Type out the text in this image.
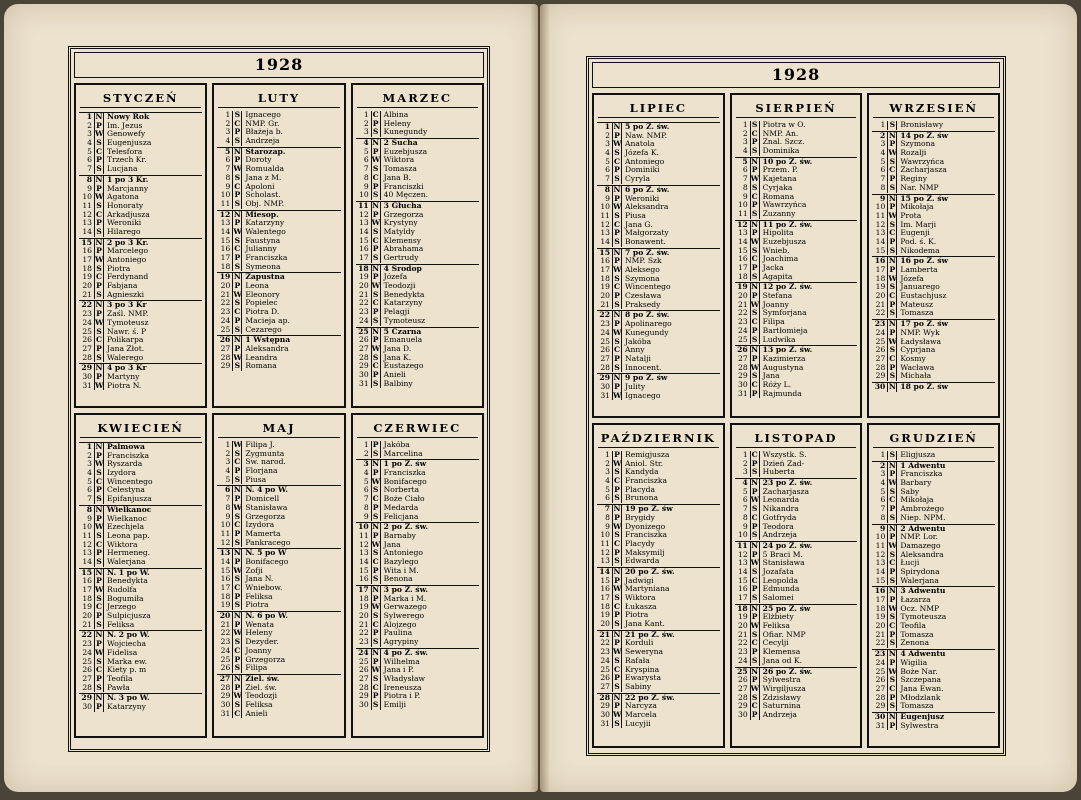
1928
STYCZEŃ
1 N Nowy Rok
2 P Im. Jezus
3 W Genowefy
4 S Eugenjusza
5 C Telesfora
6 P Trzech Kr.
7 S Lucjana
8 N 1 po 3 Kr.
9 P Marcjanny
10 W Agatona
11 S Honoraty
12 C Arkadjusza
13 P Weroniki
14 S Hilarego
15 N 2 po 3 Kr.
16 P Marcelego
17 W Antoniego
18 S Piotra
19 C Ferdynand
20 P Fabjana
21 S Agnieszki
22 N 3 po 3 Kr
23 P Zaśl. NMP.
24 W Tymoteusz
25 S Nawr. ś. P
26 C Polikarpa
27 P Jana Złot.
28 S Walerego
29 N 4 po 3 Kr
30 P Martyny
31 W Piotra N.
LUTY
1 S Ignacego
2 C NMP. Gr.
3 P Błażeja b.
4 S Andrzeja
5 N Starozap.
6 P Doroty
7 W Romualda
8 S Jana z M.
9 C Apoloni
10 P Scholast.
11 S Obj. NMP.
12 N Miesop.
13 P Katarzyny
14 W Walentego
15 S Faustyna
16 C Julianny
17 P Franciszka
18 S Symeona
19 N Zapustna
20 P Leona
21 W Eleonory
22 S Popielec
23 C Piotra D.
24 P Macieja ap.
25 S Cezarego
26 N 1 Wstępna
27 P Aleksandra
28 W Leandra
29 S Romana
MARZEC
1 C Albina
2 P Heleny
3 S Kunegundy
4 N 2 Sucha
5 P Euzebjusza
6 W Wiktora
7 S Tomasza
8 C Jana B.
9 P Franciszki
10 S 40 Męczen.
11 N 3 Głucha
12 P Grzegorza
13 W Krystyny
14 S Matyldy
15 C Klemensy
16 P Abrahama
17 S Gertrudy
18 N 4 Środop
19 P Józefa
20 W Teodozji
21 S Benedykta
22 C Katarzyny
23 P Pelagji
24 S Tymoteusz
25 N 5 Czarna
26 P Emanuela
27 W Jana D.
28 S Jana K.
29 C Eustazego
30 P Anieli
31 S Balbiny
KWIECIEŃ
1 N Palmowa
2 P Franciszka
3 W Ryszarda
4 S Izydora
5 C Wincentego
6 P Celestyna
7 S Epifanjusza
8 N Wielkanoc
9 P Wielkanoc
10 W Ezechjela
11 S Leona pap.
12 C Wiktora
13 P Hermeneg.
14 S Walerjana
15 N N. 1 po W.
16 P Benedykta
17 W Rudolfa
18 S Bogumiła
19 C Jerzego
20 P Sulpicjusza
21 S Feliksa
22 N N. 2 po W.
23 P Wojciecha
24 W Fidelisa
25 S Marka ew.
26 C Kiety p. m
27 P Teofila
28 S Pawła
29 N N. 3 po W.
30 P Katarzyny
MAJ
1 W Filipa J.
2 S Zygmunta
3 C Św. narod.
4 P Florjana
5 S Piusa
6 N N. 4 po W.
7 P Domicell
8 W Stanisława
9 S Grzegorza
10 C Izydora
11 P Mamerta
12 S Pankracego
13 N N. 5 po W
14 P Bonifacego
15 W Zofji
16 S Jana N.
17 C Wniebow.
18 P Feliksa
19 S Piotra
20 N N. 6 po W.
21 P Wenata
22 W Heleny
23 S Dezyder.
24 C Joanny
25 P Grzegorza
26 S Filipa
27 N Ziel. św.
28 P Ziel. św.
29 W Teodozji
30 S Feliksa
31 C Anieli
CZERWIEC
1 P Jakóba
2 S Marcelina
3 N 1 po Z. św
4 P Franciszka
5 W Bonifacego
6 S Norberta
7 C Boże Ciało
8 P Medarda
9 S Felicjana
10 N 2 po Z. św.
11 P Barnaby
12 W Jana
13 S Antoniego
14 C Bazylego
15 P Wita i M.
16 S Benona
17 N 3 po Z. św.
18 P Marka i M.
19 W Gerwazego
20 S Sylwerego
21 C Alojzego
22 P Paulina
23 S Agrypiny
24 N 4 po Z. św.
25 P Wilhelma
26 W Jana i P.
27 S Władysław
28 C Ireneusza
29 P Piotra i P.
30 S Emilji
1928
LIPIEC
1 N 5 po Z. św.
2 P Naw. NMP.
3 W Anatola
4 S Józefa K.
5 C Antoniego
6 P Dominiki
7 S Cyryla
8 N 6 po Z. św.
9 P Weroniki
10 W Aleksandra
11 S Piusa
12 C Jana G.
13 P Małgorzaty
14 S Bonawent.
15 N 7 po Z. św.
16 P NMP. Szk
17 W Aleksego
18 S Szymona
19 C Wincentego
20 P Czesława
21 S Praksedy
22 N 8 po Z. św.
23 P Apolinarego
24 W Kunegundy
25 S Jakóba
26 C Anny
27 P Natalji
28 S Innocent.
29 N 9 po Z. św
30 P Julity
31 W Ignacego
SIERPIEŃ
1 S Piotra w O.
2 C NMP. An.
3 P Znal. Szcz.
4 S Dominika
5 N 10 po Z. św.
6 P Przem. P.
7 W Kajetana
8 S Cyrjaka
9 C Romana
10 P Wawrzyńca
11 S Zuzanny
12 N 11 po Z. św.
13 P Hipolita
14 W Euzebjusza
15 S Wnieb.
16 C Joachima
17 P Jacka
18 S Agapita
19 N 12 po Z. św.
20 P Stefana
21 W Joanny
22 S Symforjana
23 C Filipa
24 P Bartłomieja
25 S Ludwika
26 N 13 po Z. św.
27 P Kazimierza
28 W Augustyna
29 S Jana
30 C Róży L.
31 P Rajmunda
WRZESIEŃ
1 S Bronisławy
2 N 14 po Z. św
3 P Szymona
4 W Rozalji
5 S Wawrzyńca
6 C Zacharjasza
7 P Reginy
8 S Nar. NMP
9 N 15 po Z. św
10 P Mikołaja
11 W Prota
12 S Im. Marji
13 C Eugenji
14 P Pod. ś. K.
15 S Nikodema
16 N 16 po Z. św
17 P Lamberta
18 W Józefa
19 S Januarego
20 C Eustachjusz
21 P Mateusz
22 S Tomasza
23 N 17 po Z. św
24 P NMP. Wyk
25 W Ładysława
26 S Cyprjana
27 C Kosmy
28 P Wacława
29 S Michała
30 N 18 po Z. św
PAŹDZIERNIK
1 P Remigjusza
2 W Aniol. Str.
3 S Kandyda
4 C Franciszka
5 P Placyda
6 S Brunona
7 N 19 po Z. św
8 P Brygidy
9 W Dyonizego
10 S Franciszka
11 C Placydy
12 P Maksymilj
13 S Edwarda
14 N 20 po Z. św.
15 P Jadwigi
16 W Martyniana
17 S Wiktora
18 C Łukasza
19 P Piotra
20 S Jana Kant.
21 N 21 po Z. św.
22 P Korduli
23 W Seweryna
24 S Rafała
25 C Kryspina
26 P Ewarysta
27 S Sabiny
28 N 22 po Z. św.
29 P Narcyza
30 W Marcela
31 S Lucyjii
LISTOPAD
1 C Wszystk. Ś.
2 P Dzień Zad-
3 S Huberta
4 N 23 po Z. św.
5 P Zacharjasza
6 W Leonarda
7 S Nikandra
8 C Gotfryda
9 P Teodora
10 S Andrzeja
11 N 24 po Z. św.
12 P 5 Braci M.
13 W Stanisława
14 S Jozafata
15 C Leopolda
16 P Edmunda
17 S Salomei
18 N 25 po Z. św
19 P Elżbiety
20 W Feliksa
21 S Ofiar. NMP
22 C Cecylji
23 P Klemensa
24 S Jana od K.
25 N 26 po Z. św.
26 P Sylwestra
27 W Wirgiljusza
28 S Zdzisławy
29 C Saturnina
30 P Andrzeja
GRUDZIEŃ
1 S Eligjusza
2 N 1 Adwentu
3 P Franciszka
4 W Barbary
5 S Saby
6 C Mikołaja
7 P Ambrożego
8 S Niep. NPM.
9 N 2 Adwentu
10 P NMP. Lor.
11 W Damazego
12 S Aleksandra
13 C Łucji
14 P Spirydona
15 S Walerjana
16 N 3 Adwentu
17 P Łazarza
18 W Ocz. NMP
19 S Tymoteusza
20 C Teofila
21 P Tomasza
22 S Zenona
23 N 4 Adwentu
24 P Wigilia
25 W Boże Nar.
26 S Szczepana
27 C Jana Ewan.
28 P Młodzlank
29 S Tomasza
30 N Eugenjusz
31 P Sylwestra
